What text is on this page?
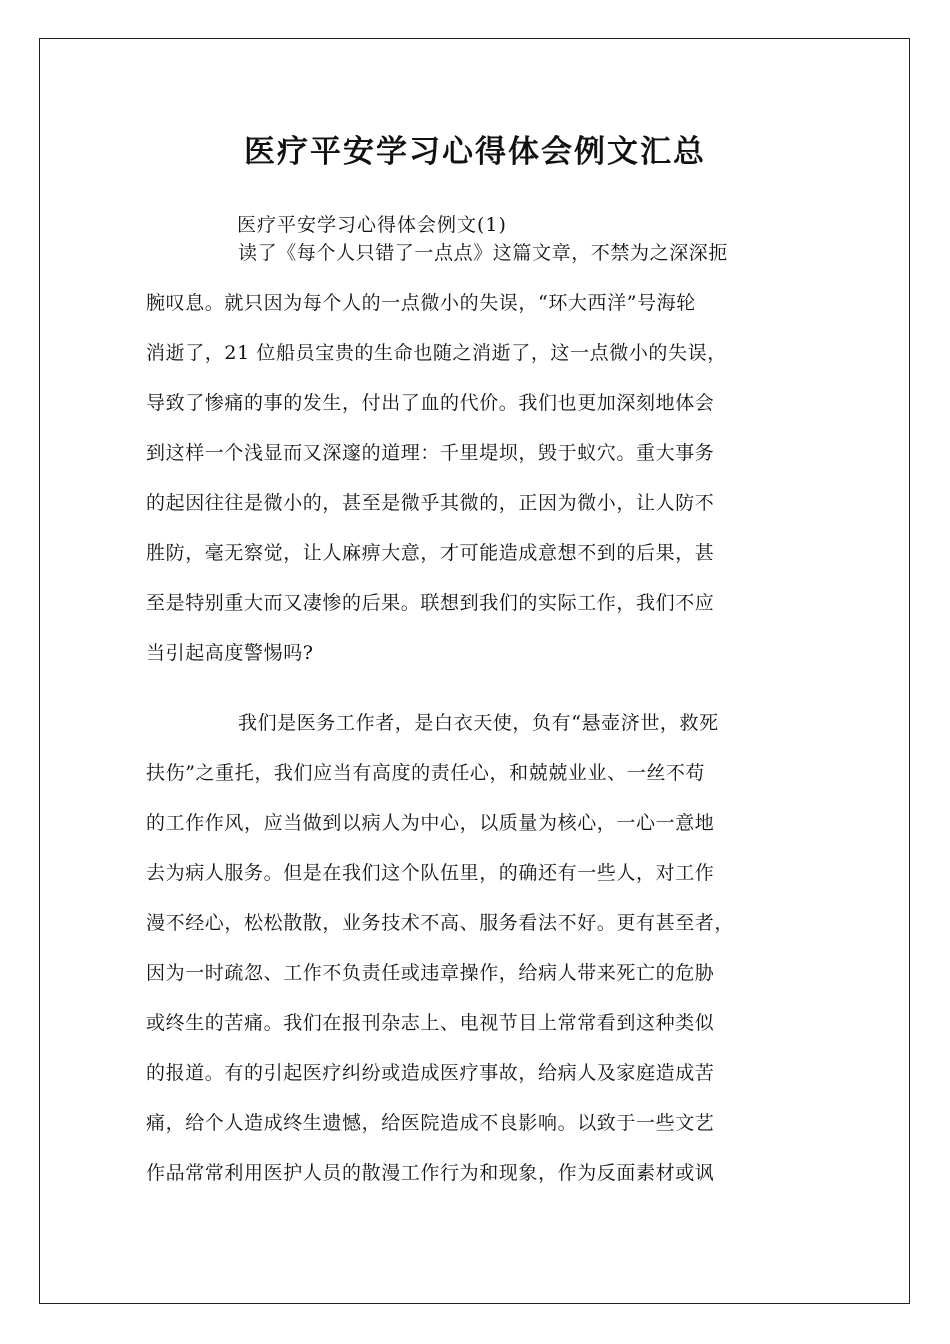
医疗平安学习心得体会例文汇总

医疗平安学习心得体会例文(1)

读了《每个人只错了一点点》这篇文章，不禁为之深深扼
腕叹息。就只因为每个人的一点微小的失误，“环大西洋”号海轮
消逝了，21 位船员宝贵的生命也随之消逝了，这一点微小的失误，
导致了惨痛的事的发生，付出了血的代价。我们也更加深刻地体会
到这样一个浅显而又深邃的道理：千里堤坝，毁于蚁穴。重大事务
的起因往往是微小的，甚至是微乎其微的，正因为微小，让人防不
胜防，毫无察觉，让人麻痹大意，才可能造成意想不到的后果，甚
至是特别重大而又凄惨的后果。联想到我们的实际工作，我们不应
当引起高度警惕吗?
我们是医务工作者，是白衣天使，负有“悬壶济世，救死
扶伤”之重托，我们应当有高度的责任心，和兢兢业业、一丝不苟
的工作作风，应当做到以病人为中心，以质量为核心，一心一意地
去为病人服务。但是在我们这个队伍里，的确还有一些人，对工作
漫不经心，松松散散，业务技术不高、服务看法不好。更有甚至者，
因为一时疏忽、工作不负责任或违章操作，给病人带来死亡的危胁
或终生的苦痛。我们在报刊杂志上、电视节目上常常看到这种类似
的报道。有的引起医疗纠纷或造成医疗事故，给病人及家庭造成苦
痛，给个人造成终生遗憾，给医院造成不良影响。以致于一些文艺
作品常常利用医护人员的散漫工作行为和现象，作为反面素材或讽
